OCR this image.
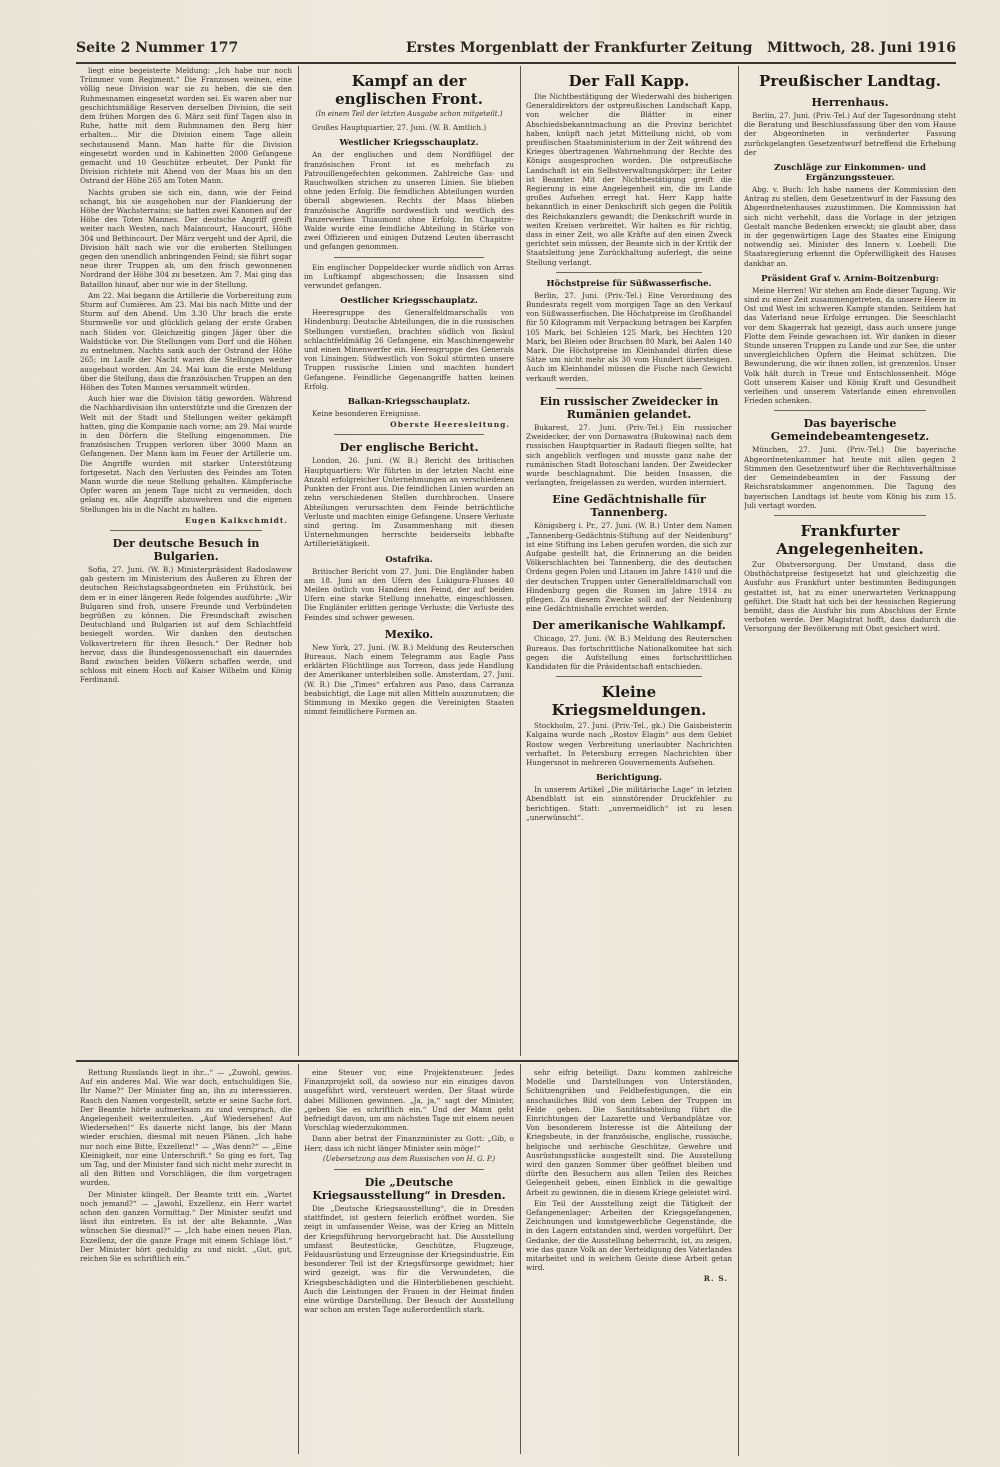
Seite 2 Nummer 177	Erstes Morgenblatt der Frankfurter Zeitung Mittwoch, 28. Juni 1916

liegt eine begeisterte Meldung: „Ich habe nur noch Trümmer vom Regiment.“ Die Franzosen weinen, eine völlig neue Division war sie zu heben, die sie den Ruhmesnamen eingesetzt worden sei. Es waren aber nur geschichtsmäßige Reserven derselben Division, die seit dem frühen Morgen des 6. März seit fünf Tagen also in Ruhe, hatte mit dem Ruhmnamen den Berg hier erhalten... Mir die Division einem Tage allein sechstausend Mann. Man hatte für die Division eingesetzt worden und in Kabinetten 2000 Gefangene gemacht und 10 Geschütze erbeutet. Der Punkt für Division richtete mit Abend von der Maas bis an den Ostrand der Höhe 265 am Toten Mann.

Nachts gruben sie sich ein, dann, wie der Feind schangt, bis sie ausgehoben nur der Flankierung der Höhe der Wachsterrains; sie hatten zwei Kanonen auf der Höhe des Toten Mannes. Der deutsche Angriff greift weiter nach Westen, nach Malancourt, Haucourt, Höhe 304 und Bethincourt. Der März vergeht und der April, die Division hält nach wie vor die eroberten Stellungen gegen den unendlich anbringenden Feind; sie führt sogar neue ihrer Truppen ab, um den frisch gewonnenen Nordrand der Höhe 304 zu besetzen. Am 7. Mai ging das Bataillon hinauf, aber nur wie in der Stellung.

Am 22. Mai begann die Artillerie die Vorbereitung zum Sturm auf Cumières. Am 23. Mai bis nach Mitte und der Sturm auf den Abend. Um 3.30 Uhr brach die erste Sturmwelle vor und glücklich gelang der erste Graben nach Süden vor. Gleichzeitig gingen Jäger über die Waldstücke vor. Die Stellungen vom Dorf und die Höhen zu entnehmen. Nachts sank auch der Ostrand der Höhe 265; im Laufe der Nacht waren die Stellungen weiter ausgebaut worden. Am 24. Mai kam die erste Meldung über die Stellung, dass die französischen Truppen an den Höhen des Toten Mannes versammelt würden.

Auch hier war die Division tätig geworden. Während die Nachbardivision ihn unterstützte und die Grenzen der Welt mit der Stadt und Stellungen weiter gekämpft hatten, ging die Kompanie nach vorne; am 29. Mai wurde in den Dörfern die Stellung eingenommen. Die französischen Truppen verloren über 3000 Mann an Gefangenen. Der Mann kam im Feuer der Artillerie um. Die Angriffe wurden mit starker Unterstützung fortgesetzt. Nach den Verlusten des Feindes am Toten Mann wurde die neue Stellung gehalten. Kämpferische Opfer waren an jenem Tage nicht zu vermeiden, doch gelang es, alle Angriffe abzuwehren und die eigenen Stellungen bis in die Nacht zu halten.

Eugen Kalkschmidt.
Der deutsche Besuch in Bulgarien.

Sofia, 27. Juni. (W. B.) Ministerpräsident Radoslawow gab gestern im Ministerium des Äußeren zu Ehren der deutschen Reichstagsabgeordneten ein Frühstück, bei dem er in einer längeren Rede folgendes ausführte: „Wir Bulgaren sind froh, unsere Freunde und Verbündeten begrüßen zu können. Die Freundschaft zwischen Deutschland und Bulgarien ist auf dem Schlachtfeld besiegelt worden. Wir danken den deutschen Volksvertretern für ihren Besuch.“ Der Redner hob hervor, dass die Bundesgenossenschaft ein dauerndes Band zwischen beiden Völkern schaffen werde, und schloss mit einem Hoch auf Kaiser Wilhelm und König Ferdinand.

Kampf an der englischen Front.
(In einem Teil der letzten Ausgabe schon mitgeteilt.)

Großes Hauptquartier, 27. Juni. (W. B. Amtlich.)

Westlicher Kriegsschauplatz.

An der englischen und dem Nordflügel der französischen Front ist es mehrfach zu Patrouillengefechten gekommen. Zahlreiche Gas- und Rauchwolken strichen zu unseren Linien. Sie blieben ohne jeden Erfolg. Die feindlichen Abteilungen wurden überall abgewiesen. Rechts der Maas blieben französische Angriffe nordwestlich und westlich des Panzerwerkes Thiaumont ohne Erfolg. Im Chapitre-Walde wurde eine feindliche Abteilung in Stärke von zwei Offizieren und einigen Dutzend Leuten überrascht und gefangen genommen.

Ein englischer Doppeldecker wurde südlich von Arras im Luftkampf abgeschossen; die Insassen sind verwundet gefangen.

Oestlicher Kriegsschauplatz.

Heeresgruppe des Generalfeldmarschalls von Hindenburg: Deutsche Abteilungen, die in die russischen Stellungen vorstießen, brachten südlich von Ikskul schlachtfeldmäßig 26 Gefangene, ein Maschinengewehr und einen Minenwerfer ein. Heeresgruppe des Generals von Linsingen: Südwestlich von Sokul stürmten unsere Truppen russische Linien und machten hundert Gefangene. Feindliche Gegenangriffe hatten keinen Erfolg.

Balkan-Kriegsschauplatz.

Keine besonderen Ereignisse.

Oberste Heeresleitung.
Der englische Bericht.

London, 26. Juni. (W. B.) Bericht des britischen Hauptquartiers: Wir führten in der letzten Nacht eine Anzahl erfolgreicher Unternehmungen an verschiedenen Punkten der Front aus. Die feindlichen Linien wurden an zehn verschiedenen Stellen durchbrochen. Unsere Abteilungen verursachten dem Feinde beträchtliche Verluste und machten einige Gefangene. Unsere Verluste sind gering. Im Zusammenhang mit diesen Unternehmungen herrschte beiderseits lebhafte Artillerietätigkeit.

Ostafrika.

Britischer Bericht vom 27. Juni. Die Engländer haben am 18. Juni an den Ufern des Lukigura-Flusses 40 Meilen östlich von Handeni den Feind, der auf beiden Ufern eine starke Stellung innehatte, eingeschlossen. Die Engländer erlitten geringe Verluste; die Verluste des Feindes sind schwer gewesen.

Mexiko.

New York, 27. Juni. (W. B.) Meldung des Reuterschen Bureaus. Nach einem Telegramm aus Eagle Pass erklärten Flüchtlinge aus Torreon, dass jede Handlung der Amerikaner unterbleiben solle. Amsterdam, 27. Juni. (W. B.) Die „Times“ erfahren aus Paso, dass Carranza beabsichtigt, die Lage mit allen Mitteln auszunutzen; die Stimmung in Mexiko gegen die Vereinigten Staaten nimmt feindlichere Formen an.

Der Fall Kapp.

Die Nichtbestätigung der Wiederwahl des bisherigen Generaldirektors der ostpreußischen Landschaft Kapp, von welcher die Blätter in einer Abschiedsbekanntmachung an die Provinz berichtet haben, knüpft nach jetzt Mitteilung nicht, ob vom preußischen Staatsministerium in der Zeit während des Krieges übertragenen Wahrnehmung der Rechte des Königs ausgesprochen worden. Die ostpreußische Landschaft ist ein Selbstverwaltungskörper; ihr Leiter ist Beamter. Mit der Nichtbestätigung greift die Regierung in eine Angelegenheit ein, die im Lande großes Aufsehen erregt hat. Herr Kapp hatte bekanntlich in einer Denkschrift sich gegen die Politik des Reichskanzlers gewandt; die Denkschrift wurde in weiten Kreisen verbreitet. Wir halten es für richtig, dass in einer Zeit, wo alle Kräfte auf den einen Zweck gerichtet sein müssen, der Beamte sich in der Kritik der Staatsleitung jene Zurückhaltung auferlegt, die seine Stellung verlangt.

Höchstpreise für Süßwasserfische.

Berlin, 27. Juni. (Priv.-Tel.) Eine Verordnung des Bundesrats regelt vom morgigen Tage an den Verkauf von Süßwasserfischen. Die Höchstpreise im Großhandel für 50 Kilogramm mit Verpackung betragen bei Karpfen 105 Mark, bei Schleien 125 Mark, bei Hechten 120 Mark, bei Bleien oder Brachsen 80 Mark, bei Aalen 140 Mark. Die Höchstpreise im Kleinhandel dürfen diese Sätze um nicht mehr als 30 vom Hundert übersteigen. Auch im Kleinhandel müssen die Fische nach Gewicht verkauft werden.

Ein russischer Zweidecker in Rumänien gelandet.

Bukarest, 27. Juni. (Priv.-Tel.) Ein russischer Zweidecker, der von Dornawatra (Bukowina) nach dem russischen Hauptquartier in Radauti fliegen sollte, hat sich angeblich verflogen und musste ganz nahe der rumänischen Stadt Botoschani landen. Der Zweidecker wurde beschlagnahmt. Die beiden Insassen, die verlangten, freigelassen zu werden, wurden interniert.

Eine Gedächtnishalle für Tannenberg.

Königsberg i. Pr., 27. Juni. (W. B.) Unter dem Namen „Tannenberg-Gedächtnis-Stiftung auf der Neidenburg“ ist eine Stiftung ins Leben gerufen worden, die sich zur Aufgabe gestellt hat, die Erinnerung an die beiden Völkerschlachten bei Tannenberg, die des deutschen Ordens gegen Polen und Litauen im Jahre 1410 und die der deutschen Truppen unter Generalfeldmarschall von Hindenburg gegen die Russen im Jahre 1914 zu pflegen. Zu diesem Zwecke soll auf der Neidenburg eine Gedächtnishalle errichtet werden.

Der amerikanische Wahlkampf.

Chicago, 27. Juni. (W. B.) Meldung des Reuterschen Bureaus. Das fortschrittliche Nationalkomitee hat sich gegen die Aufstellung eines fortschrittlichen Kandidaten für die Präsidentschaft entschieden.

Kleine Kriegsmeldungen.

Stockholm, 27. Juni. (Priv.-Tel., gk.) Die Gaisbeisterin Kalgaina wurde nach „Rostov Elagin“ aus dem Gebiet Rostow wegen Verbreitung unerlaubter Nachrichten verhaftet. In Petersburg erregen Nachrichten über Hungersnot in mehreren Gouvernements Aufsehen.

Berichtigung.

In unserem Artikel „Die militärische Lage“ in letzten Abendblatt ist ein sinnstörender Druckfehler zu berichtigen. Statt: „unvermeidlich“ ist zu lesen „unerwünscht“.

Preußischer Landtag.
Herrenhaus.

Berlin, 27. Juni. (Priv.-Tel.) Auf der Tagesordnung steht die Beratung und Beschlussfassung über den vom Hause der Abgeordneten in veränderter Fassung zurückgelangten Gesetzentwurf betreffend die Erhebung der

Zuschläge zur Einkommen- und Ergänzungssteuer.

Abg. v. Buch: Ich habe namens der Kommission den Antrag zu stellen, dem Gesetzentwurf in der Fassung des Abgeordnetenhauses zuzustimmen. Die Kommission hat sich nicht verhehlt, dass die Vorlage in der jetzigen Gestalt manche Bedenken erweckt; sie glaubt aber, dass in der gegenwärtigen Lage des Staates eine Einigung notwendig sei. Minister des Innern v. Loebell: Die Staatsregierung erkennt die Opferwilligkeit des Hauses dankbar an.

Präsident Graf v. Arnim-Boitzenburg:

Meine Herren! Wir stehen am Ende dieser Tagung. Wir sind zu einer Zeit zusammengetreten, da unsere Heere in Ost und West im schweren Kampfe standen. Seitdem hat das Vaterland neue Erfolge errungen. Die Seeschlacht vor dem Skagerrak hat gezeigt, dass auch unsere junge Flotte dem Feinde gewachsen ist. Wir danken in dieser Stunde unseren Truppen zu Lande und zur See, die unter unvergleichlichen Opfern die Heimat schützen. Die Bewunderung, die wir ihnen zollen, ist grenzenlos. Unser Volk hält durch in Treue und Entschlossenheit. Möge Gott unserem Kaiser und König Kraft und Gesundheit verleihen und unserem Vaterlande einen ehrenvollen Frieden schenken.

Das bayerische Gemeindebeamtengesetz.

München, 27. Juni. (Priv.-Tel.) Die bayerische Abgeordnetenkammer hat heute mit allen gegen 2 Stimmen den Gesetzentwurf über die Rechtsverhältnisse der Gemeindebeamten in der Fassung der Reichsratskammer angenommen. Die Tagung des bayerischen Landtags ist heute vom König bis zum 15. Juli vertagt worden.

Frankfurter Angelegenheiten.

Zur Obstversorgung. Der Umstand, dass die Obsthöchstpreise festgesetzt hat und gleichzeitig die Ausfuhr aus Frankfurt unter bestimmten Bedingungen gestattet ist, hat zu einer unerwarteten Verknappung geführt. Die Stadt hat sich bei der hessischen Regierung bemüht, dass die Ausfuhr bis zum Abschluss der Ernte verboten werde. Der Magistrat hofft, dass dadurch die Versorgung der Bevölkerung mit Obst gesichert wird.

Rettung Russlands liegt in ihr...“ — „Zuwohl, gewiss. Auf ein anderes Mal. Wie war doch, entschuldigen Sie, Ihr Name?“ Der Minister fing an, ihn zu interessieren. Rasch den Namen vorgestellt, setzte er seine Sache fort. Der Beamte hörte aufmerksam zu und versprach, die Angelegenheit weiterzuleiten. „Auf Wiedersehen! Auf Wiedersehen!“ Es dauerte nicht lange, bis der Mann wieder erschien, diesmal mit neuen Plänen. „Ich habe nur noch eine Bitte, Exzellenz!“ — „Was denn?“ — „Eine Kleinigkeit, nur eine Unterschrift.“ So ging es fort, Tag um Tag, und der Minister fand sich nicht mehr zurecht in all den Bitten und Vorschlägen, die ihm vorgetragen wurden.

Der Minister klingelt. Der Beamte tritt ein. „Wartet noch jemand?“ — „Jawohl, Exzellenz, ein Herr wartet schon den ganzen Vormittag.“ Der Minister seufzt und lässt ihn eintreten. Es ist der alte Bekannte. „Was wünschen Sie diesmal?“ — „Ich habe einen neuen Plan, Exzellenz, der die ganze Frage mit einem Schlage löst.“ Der Minister hört geduldig zu und nickt. „Gut, gut, reichen Sie es schriftlich ein.“

eine Steuer vor, eine Projektensteuer. Jedes Finanzprojekt soll, da sowieso nur ein einziges davon ausgeführt wird, versteuert werden. Der Staat würde dabei Millionen gewinnen. „Ja, ja,“ sagt der Minister, „geben Sie es schriftlich ein.“ Und der Mann geht befriedigt davon, um am nächsten Tage mit einem neuen Vorschlag wiederzukommen.

Dann aber betrat der Finanzminister zu Gott: „Gib, o Herr, dass ich nicht länger Minister sein möge!“

(Uebersetzung aus dem Russischen von H. G. P.)
Die „Deutsche Kriegsausstellung“ in Dresden.

Die „Deutsche Kriegsausstellung“, die in Dresden stattfindet, ist gestern feierlich eröffnet worden. Sie zeigt in umfassender Weise, was der Krieg an Mitteln der Kriegsführung hervorgebracht hat. Die Ausstellung umfasst Beutestücke, Geschütze, Flugzeuge, Feldausrüstung und Erzeugnisse der Kriegsindustrie. Ein besonderer Teil ist der Kriegsfürsorge gewidmet; hier wird gezeigt, was für die Verwundeten, die Kriegsbeschädigten und die Hinterbliebenen geschieht. Auch die Leistungen der Frauen in der Heimat finden eine würdige Darstellung. Der Besuch der Ausstellung war schon am ersten Tage außerordentlich stark.

sehr eifrig beteiligt. Dazu kommen zahlreiche Modelle und Darstellungen von Unterständen, Schützengräben und Feldbefestigungen, die ein anschauliches Bild von dem Leben der Truppen im Felde geben. Die Sanitätsabteilung führt die Einrichtungen der Lazarette und Verbandplätze vor. Von besonderem Interesse ist die Abteilung der Kriegsbeute, in der französische, englische, russische, belgische und serbische Geschütze, Gewehre und Ausrüstungsstücke ausgestellt sind. Die Ausstellung wird den ganzen Sommer über geöffnet bleiben und dürfte den Besuchern aus allen Teilen des Reiches Gelegenheit geben, einen Einblick in die gewaltige Arbeit zu gewinnen, die in diesem Kriege geleistet wird.

Ein Teil der Ausstellung zeigt die Tätigkeit der Gefangenenlager; Arbeiten der Kriegsgefangenen, Zeichnungen und kunstgewerbliche Gegenstände, die in den Lagern entstanden sind, werden vorgeführt. Der Gedanke, der die Ausstellung beherrscht, ist, zu zeigen, wie das ganze Volk an der Verteidigung des Vaterlandes mitarbeitet und in welchem Geiste diese Arbeit getan wird.

R. S.
